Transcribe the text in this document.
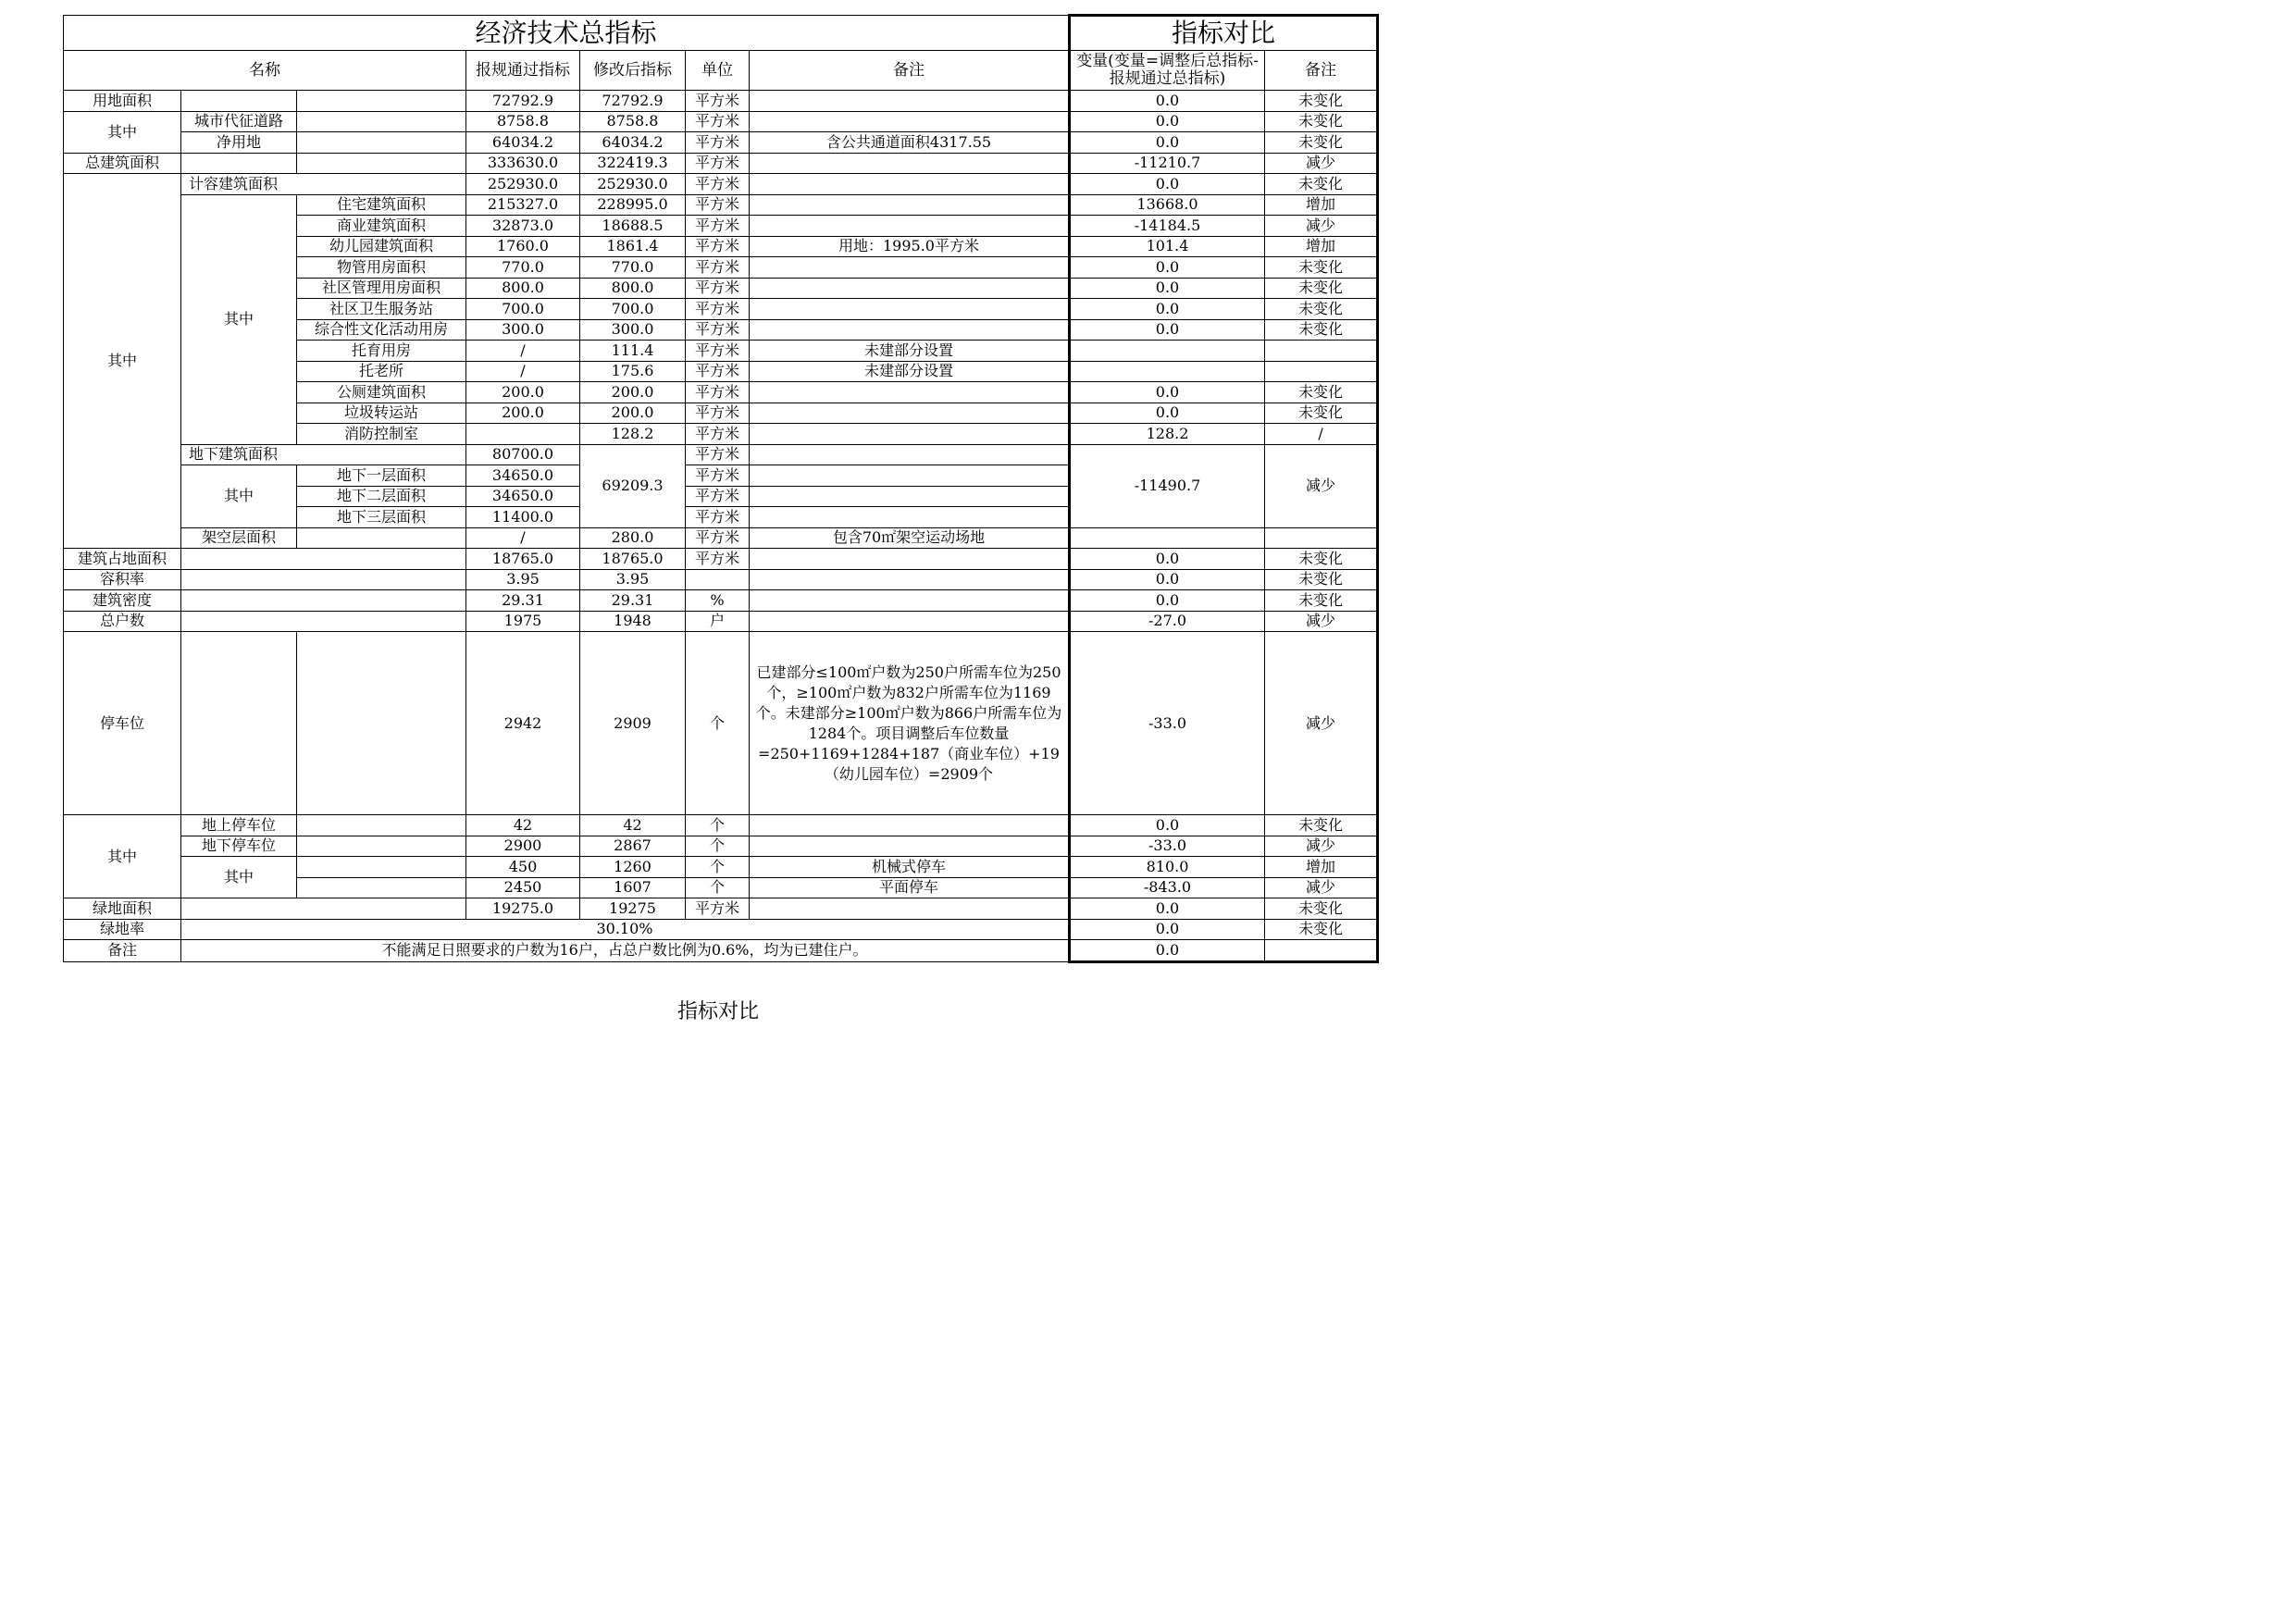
经济技术总指标							指标对比	
名称			报规通过指标	修改后指标	单位	备注	变量(变量=调整后总指标-报规通过总指标)	备注
用地面积			72792.9	72792.9	平方米		0.0	未变化
其中	城市代征道路		8758.8	8758.8	平方米		0.0	未变化
	净用地		64034.2	64034.2	平方米	含公共通道面积4317.55	0.0	未变化
总建筑面积			333630.0	322419.3	平方米		-11210.7	减少
其中	计容建筑面积		252930.0	252930.0	平方米		0.0	未变化
	其中	住宅建筑面积	215327.0	228995.0	平方米		13668.0	增加
		商业建筑面积	32873.0	18688.5	平方米		-14184.5	减少
		幼儿园建筑面积	1760.0	1861.4	平方米	用地：1995.0平方米	101.4	增加
		物管用房面积	770.0	770.0	平方米		0.0	未变化
		社区管理用房面积	800.0	800.0	平方米		0.0	未变化
		社区卫生服务站	700.0	700.0	平方米		0.0	未变化
		综合性文化活动用房	300.0	300.0	平方米		0.0	未变化
		托育用房	/	111.4	平方米	未建部分设置		
		托老所	/	175.6	平方米	未建部分设置		
		公厕建筑面积	200.0	200.0	平方米		0.0	未变化
		垃圾转运站	200.0	200.0	平方米		0.0	未变化
		消防控制室		128.2	平方米		128.2	/
	地下建筑面积		80700.0	69209.3	平方米		-11490.7	减少
	其中	地下一层面积	34650.0		平方米			
		地下二层面积	34650.0		平方米			
		地下三层面积	11400.0		平方米			
	架空层面积		/	280.0	平方米	包含70㎡架空运动场地		
建筑占地面积			18765.0	18765.0	平方米		0.0	未变化
容积率			3.95	3.95			0.0	未变化
建筑密度			29.31	29.31	%		0.0	未变化
总户数			1975	1948	户		-27.0	减少
停车位			2942	2909	个	已建部分≤100㎡户数为250户所需车位为250个，≥100㎡户数为832户所需车位为1169个。未建部分≥100㎡户数为866户所需车位为1284个。项目调整后车位数量=250+1169+1284+187（商业车位）+19（幼儿园车位）=2909个	-33.0	减少
其中	地上停车位		42	42	个		0.0	未变化
	地下停车位		2900	2867	个		-33.0	减少
	其中		450	1260	个	机械式停车	810.0	增加
			2450	1607	个	平面停车	-843.0	减少
绿地面积			19275.0	19275	平方米		0.0	未变化
绿地率	30.10%						0.0	未变化
备注	不能满足日照要求的户数为16户，占总户数比例为0.6%，均为已建住户。						0.0	
指标对比
